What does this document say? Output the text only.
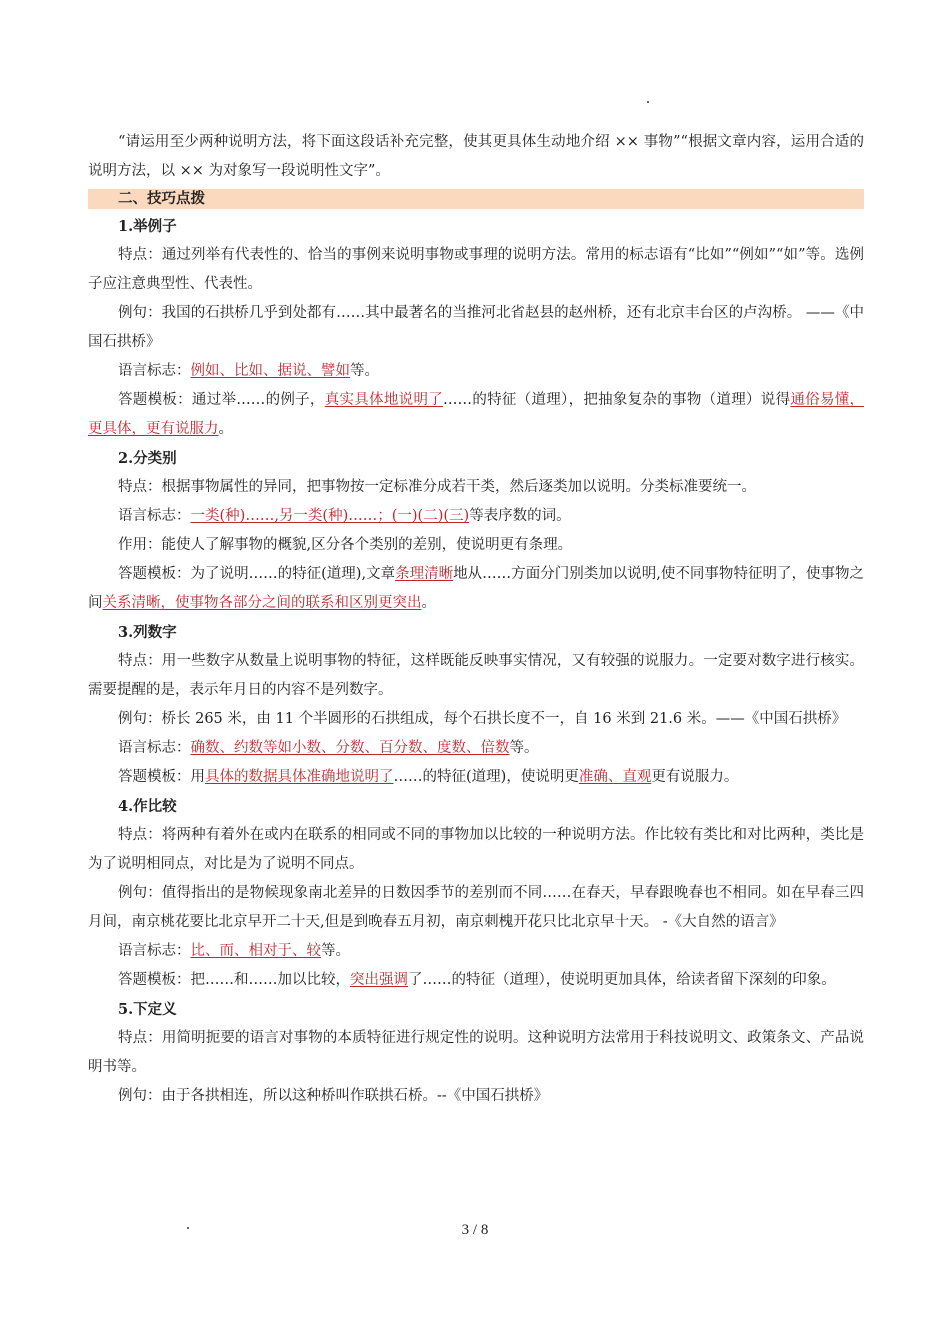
“请运用至少两种说明方法，将下面这段话补充完整，使其更具体生动地介绍 ×× 事物”“根据文章内容，运用合适的说明方法，以 ×× 为对象写一段说明性文字”。

二、技巧点拨

1.举例子

特点：通过列举有代表性的、恰当的事例来说明事物或事理的说明方法。常用的标志语有“比如”“例如”“如”等。选例子应注意典型性、代表性。

例句：我国的石拱桥几乎到处都有……其中最著名的当推河北省赵县的赵州桥，还有北京丰台区的卢沟桥。 ——《中国石拱桥》

语言标志：例如、比如、据说、譬如等。

答题模板：通过举……的例子，真实具体地说明了……的特征（道理），把抽象复杂的事物（道理）说得通俗易懂，更具体，更有说服力。

2.分类别

特点：根据事物属性的异同，把事物按一定标准分成若干类，然后逐类加以说明。分类标准要统一。

语言标志：一类(种)……,另一类(种)……；(一)(二)(三)等表序数的词。

作用：能使人了解事物的概貌,区分各个类别的差别，使说明更有条理。

答题模板：为了说明……的特征(道理),文章条理清晰地从……方面分门别类加以说明,使不同事物特征明了，使事物之间关系清晰，使事物各部分之间的联系和区别更突出。

3.列数字

特点：用一些数字从数量上说明事物的特征，这样既能反映事实情况，又有较强的说服力。一定要对数字进行核实。需要提醒的是，表示年月日的内容不是列数字。

例句：桥长 265 米，由 11 个半圆形的石拱组成，每个石拱长度不一，自 16 米到 21.6 米。——《中国石拱桥》

语言标志：确数、约数等如小数、分数、百分数、度数、倍数等。

答题模板：用具体的数据具体准确地说明了……的特征(道理)，使说明更准确、直观更有说服力。

4.作比较

特点：将两种有着外在或内在联系的相同或不同的事物加以比较的一种说明方法。作比较有类比和对比两种，类比是为了说明相同点，对比是为了说明不同点。

例句：值得指出的是物候现象南北差异的日数因季节的差别而不同……在春天，早春跟晚春也不相同。如在早春三四月间，南京桃花要比北京早开二十天,但是到晚春五月初，南京刺槐开花只比北京早十天。 -《大自然的语言》

语言标志：比、而、相对于、较等。

答题模板：把……和……加以比较，突出强调了……的特征（道理），使说明更加具体，给读者留下深刻的印象。

5.下定义

特点：用简明扼要的语言对事物的本质特征进行规定性的说明。这种说明方法常用于科技说明文、政策条文、产品说明书等。

例句：由于各拱相连，所以这种桥叫作联拱石桥。--《中国石拱桥》

3 / 8
